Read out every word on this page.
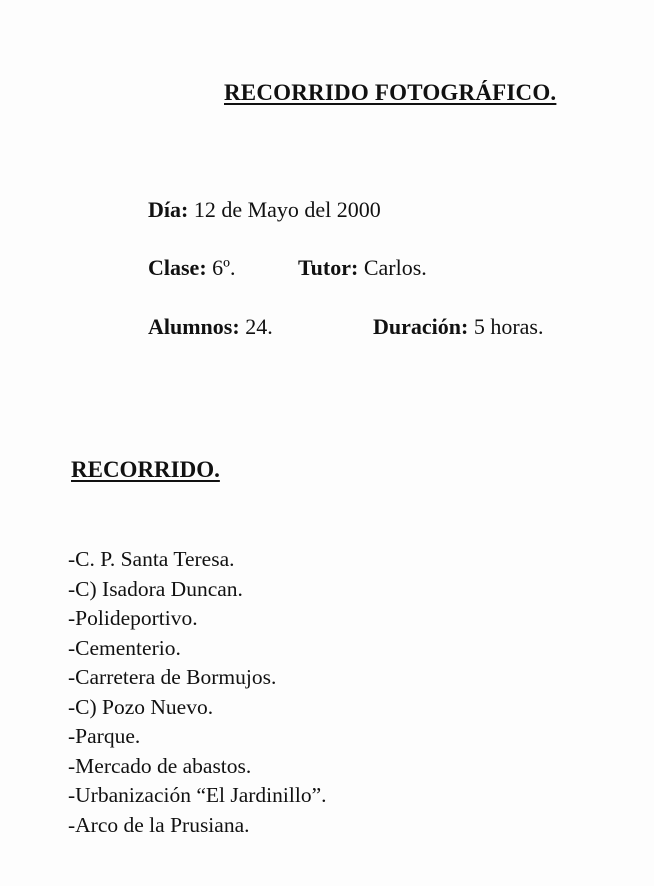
RECORRIDO FOTOGRÁFICO.
Día: 12 de Mayo del 2000
Clase: 6º.	Tutor: Carlos.
Alumnos: 24.	Duración: 5 horas.
RECORRIDO.
-C. P. Santa Teresa.
-C) Isadora Duncan.
-Polideportivo.
-Cementerio.
-Carretera de Bormujos.
-C) Pozo Nuevo.
-Parque.
-Mercado de abastos.
-Urbanización “El Jardinillo”.
-Arco de la Prusiana.
